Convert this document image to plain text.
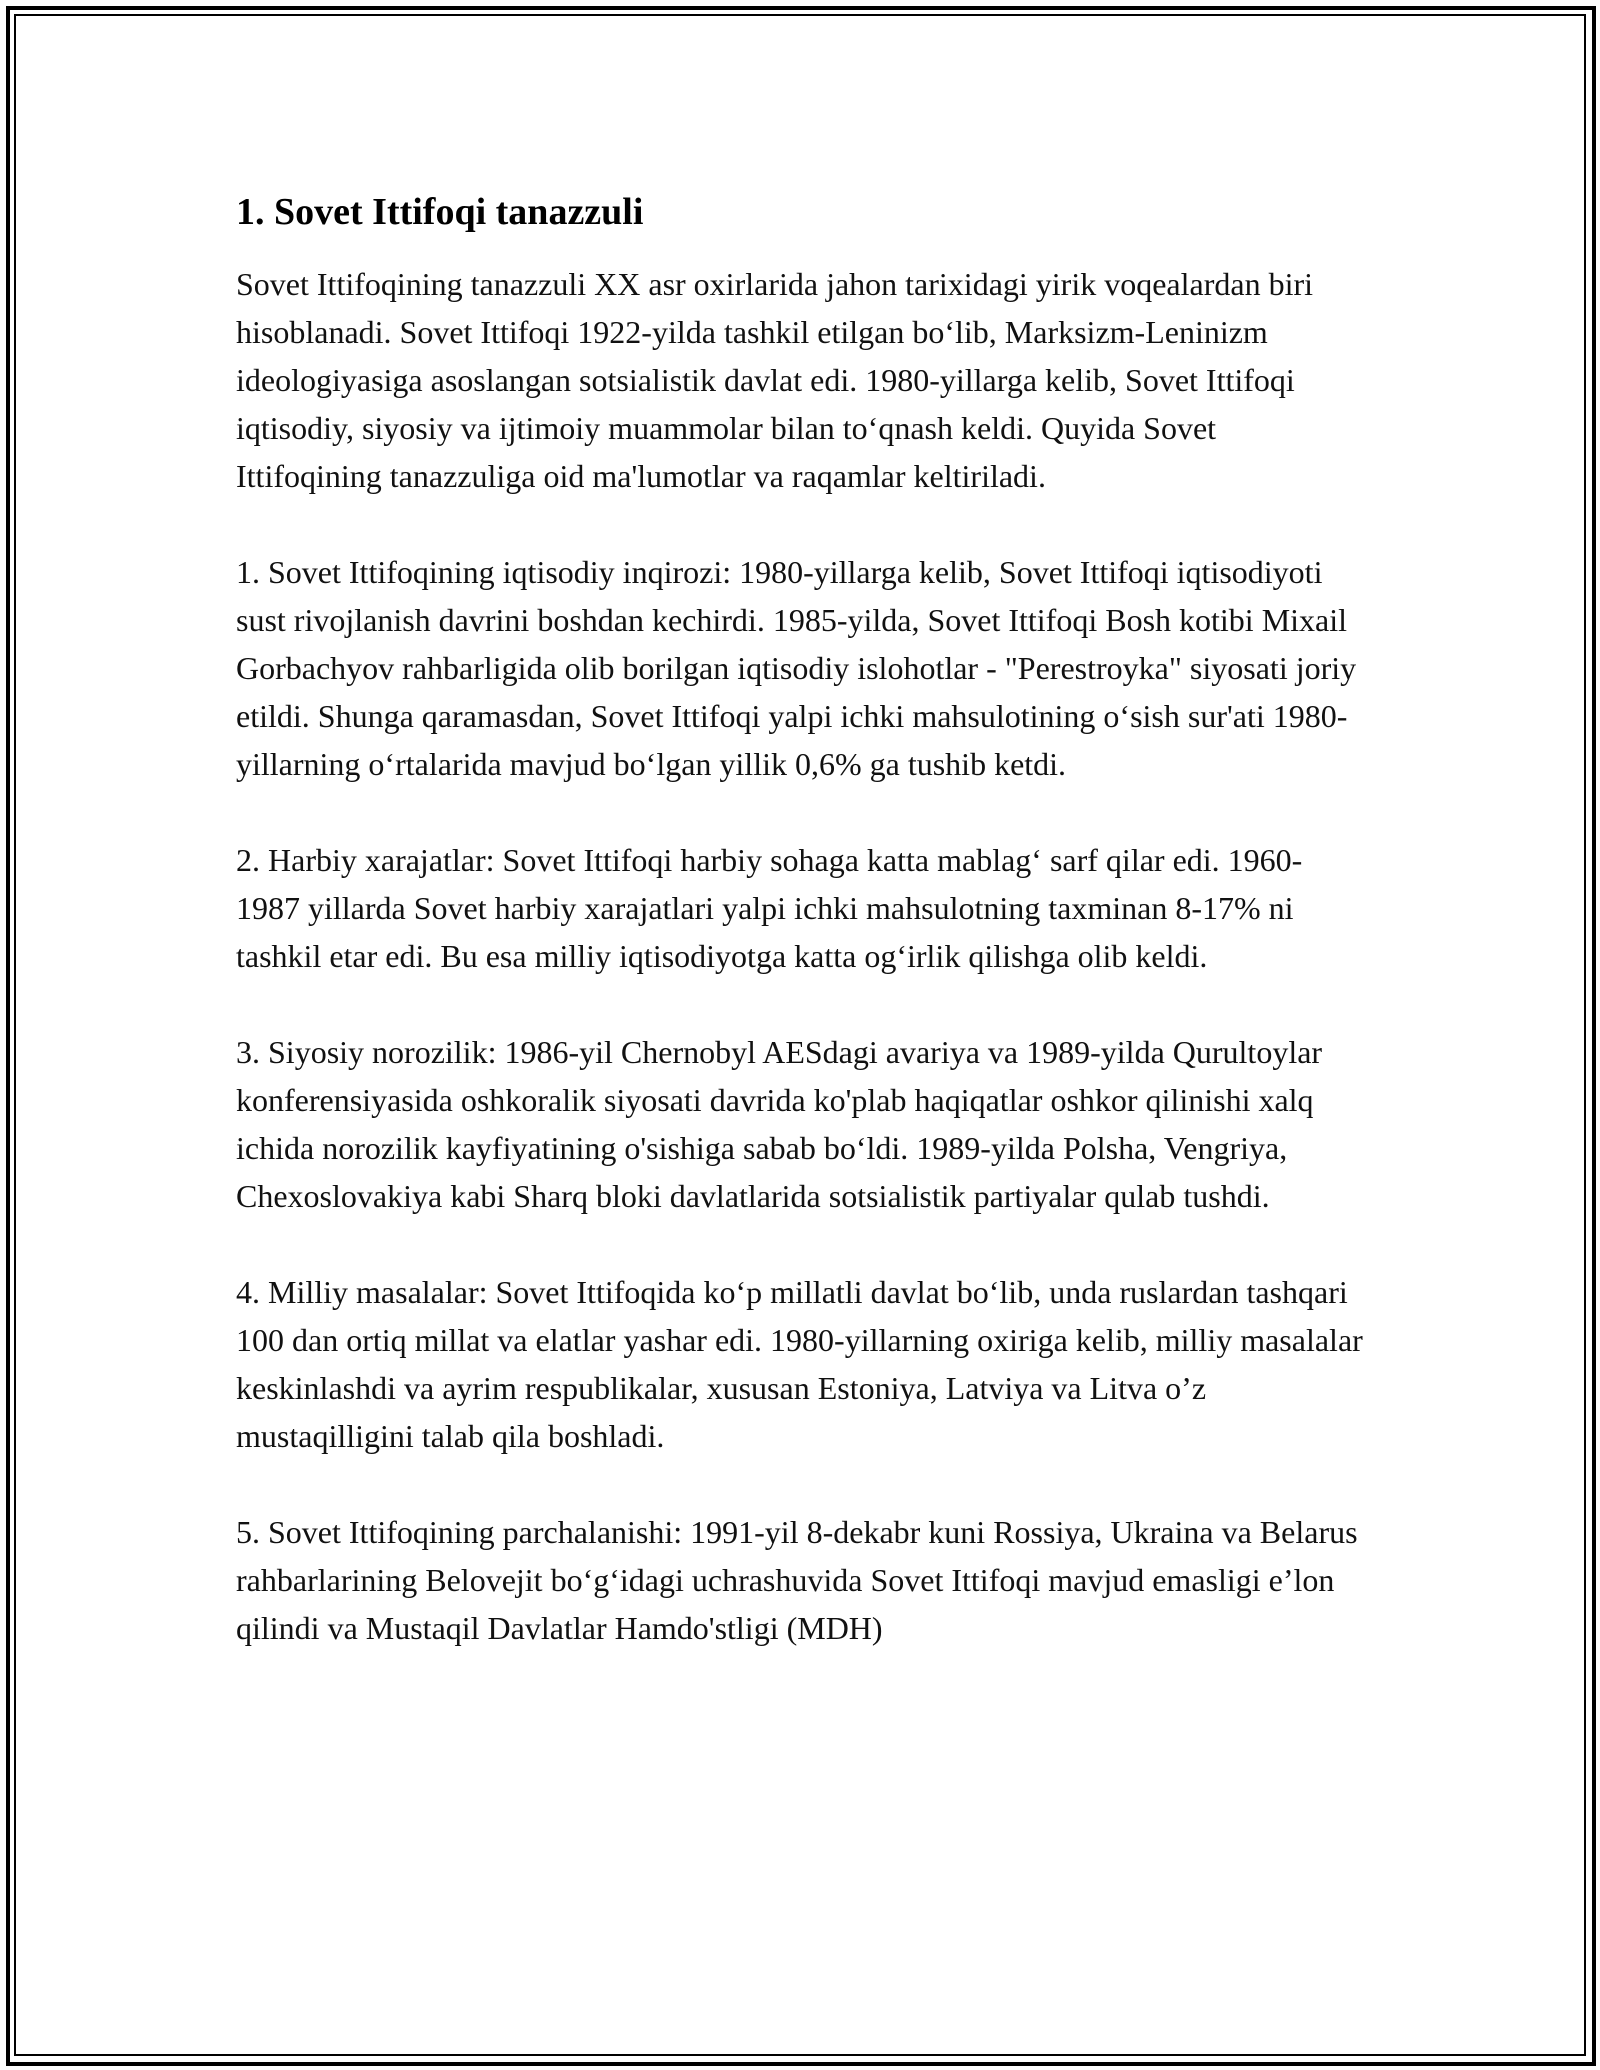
1. Sovet Ittifoqi tanazzuli

Sovet Ittifoqining tanazzuli XX asr oxirlarida jahon tarixidagi yirik voqealardan biri hisoblanadi. Sovet Ittifoqi 1922-yilda tashkil etilgan bo‘lib, Marksizm-Leninizm ideologiyasiga asoslangan sotsialistik davlat edi. 1980-yillarga kelib, Sovet Ittifoqi iqtisodiy, siyosiy va ijtimoiy muammolar bilan to‘qnash keldi. Quyida Sovet Ittifoqining tanazzuliga oid ma'lumotlar va raqamlar keltiriladi.

1. Sovet Ittifoqining iqtisodiy inqirozi: 1980-yillarga kelib, Sovet Ittifoqi iqtisodiyoti sust rivojlanish davrini boshdan kechirdi. 1985-yilda, Sovet Ittifoqi Bosh kotibi Mixail Gorbachyov rahbarligida olib borilgan iqtisodiy islohotlar - "Perestroyka" siyosati joriy etildi. Shunga qaramasdan, Sovet Ittifoqi yalpi ichki mahsulotining o‘sish sur'ati 1980-yillarning o‘rtalarida mavjud bo‘lgan yillik 0,6% ga tushib ketdi.

2. Harbiy xarajatlar: Sovet Ittifoqi harbiy sohaga katta mablag‘ sarf qilar edi. 1960-1987 yillarda Sovet harbiy xarajatlari yalpi ichki mahsulotning taxminan 8-17% ni tashkil etar edi. Bu esa milliy iqtisodiyotga katta og‘irlik qilishga olib keldi.

3. Siyosiy norozilik: 1986-yil Chernobyl AESdagi avariya va 1989-yilda Qurultoylar konferensiyasida oshkoralik siyosati davrida ko'plab haqiqatlar oshkor qilinishi xalq ichida norozilik kayfiyatining o'sishiga sabab bo‘ldi. 1989-yilda Polsha, Vengriya, Chexoslovakiya kabi Sharq bloki davlatlarida sotsialistik partiyalar qulab tushdi.

4. Milliy masalalar: Sovet Ittifoqida ko‘p millatli davlat bo‘lib, unda ruslardan tashqari 100 dan ortiq millat va elatlar yashar edi. 1980-yillarning oxiriga kelib, milliy masalalar keskinlashdi va ayrim respublikalar, xususan Estoniya, Latviya va Litva o’z mustaqilligini talab qila boshladi.

5. Sovet Ittifoqining parchalanishi: 1991-yil 8-dekabr kuni Rossiya, Ukraina va Belarus rahbarlarining Belovejit bo‘g‘idagi uchrashuvida Sovet Ittifoqi mavjud emasligi e’lon qilindi va Mustaqil Davlatlar Hamdo'stligi (MDH)
